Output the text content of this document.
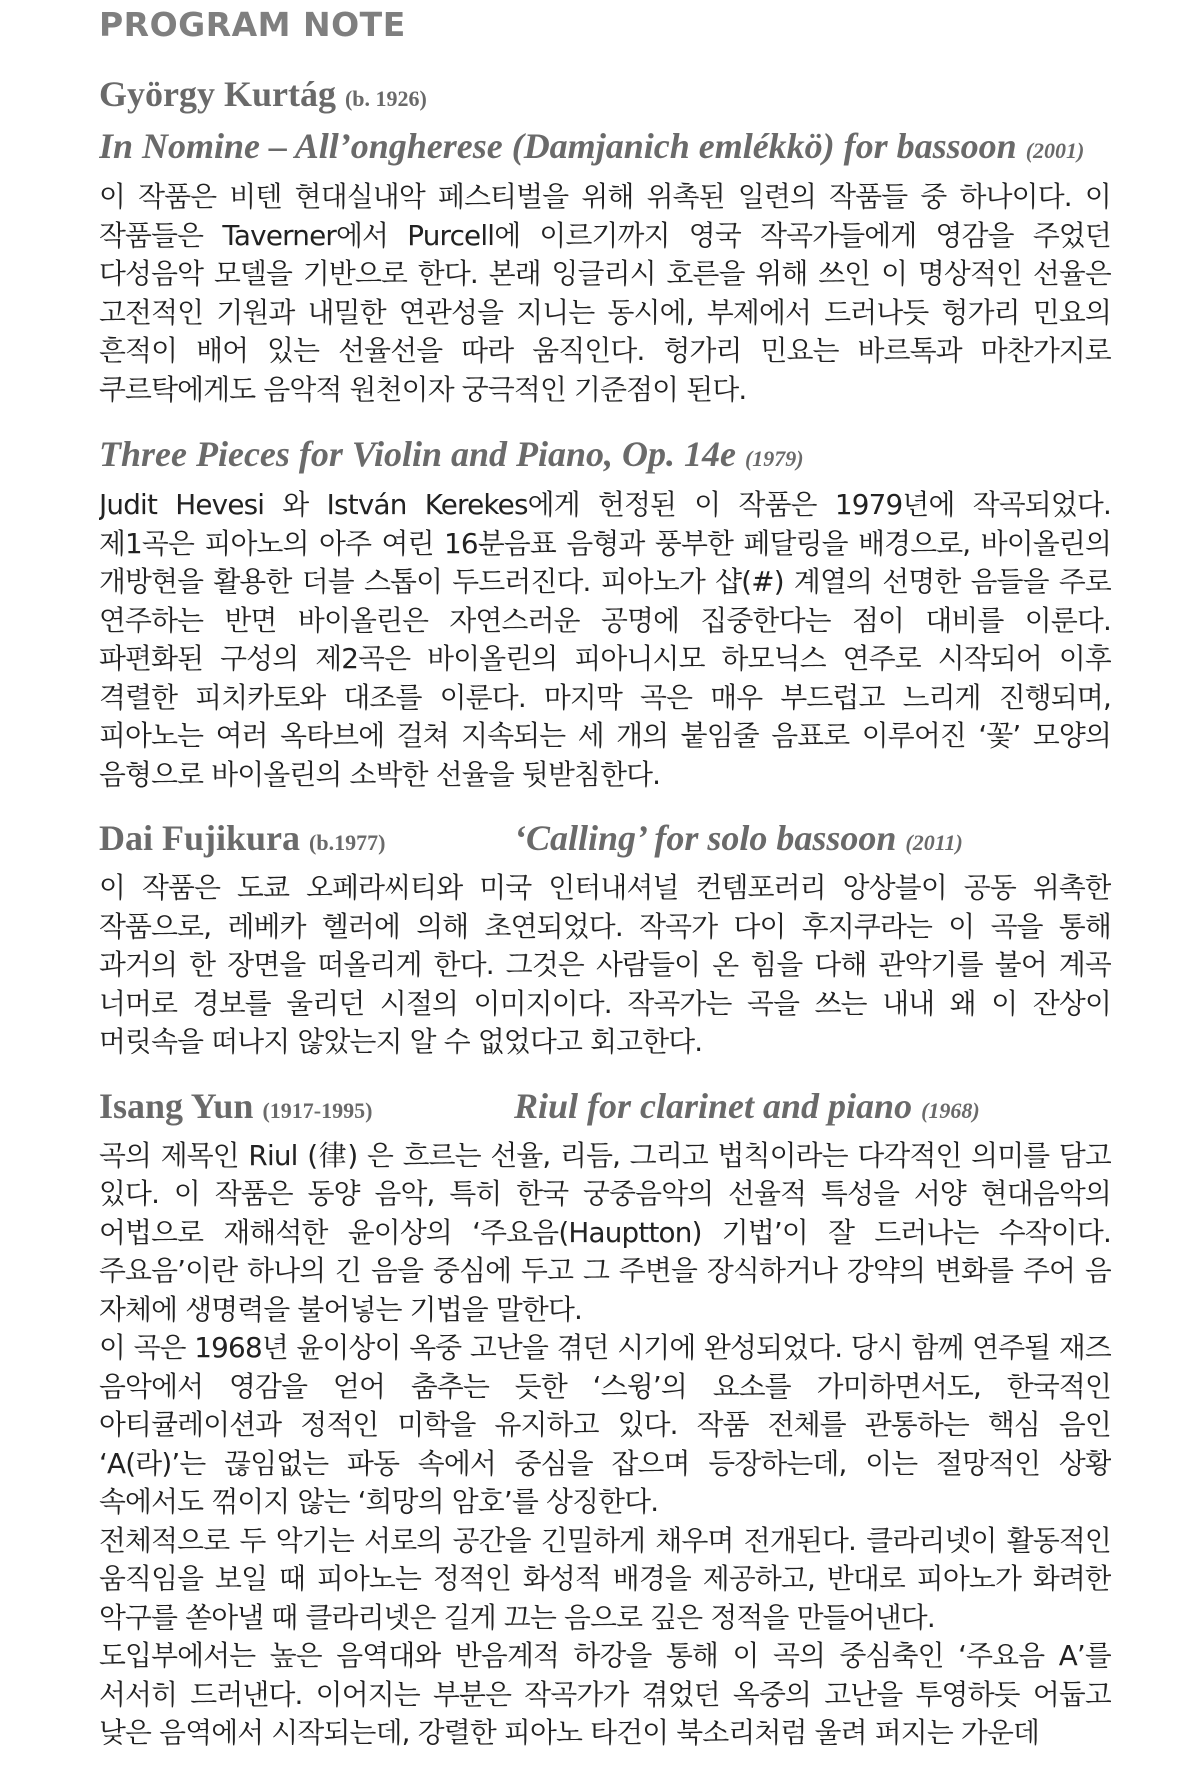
PROGRAM NOTE
György Kurtág (b. 1926)
In Nomine – All’ongherese (Damjanich emlékkö) for bassoon (2001)

이 작품은 비텐 현대실내악 페스티벌을 위해 위촉된 일련의 작품들 중 하나이다. 이 작품들은 Taverner에서 Purcell에 이르기까지 영국 작곡가들에게 영감을 주었던 다성음악 모델을 기반으로 한다. 본래 잉글리시 호른을 위해 쓰인 이 명상적인 선율은 고전적인 기원과 내밀한 연관성을 지니는 동시에, 부제에서 드러나듯 헝가리 민요의 흔적이 배어 있는 선율선을 따라 움직인다. 헝가리 민요는 바르톡과 마찬가지로 쿠르탁에게도 음악적 원천이자 궁극적인 기준점이 된다.

Three Pieces for Violin and Piano, Op. 14e (1979)

Judit Hevesi 와 István Kerekes에게 헌정된 이 작품은 1979년에 작곡되었다. 제1곡은 피아노의 아주 여린 16분음표 음형과 풍부한 페달링을 배경으로, 바이올린의 개방현을 활용한 더블 스톱이 두드러진다. 피아노가 샵(#) 계열의 선명한 음들을 주로 연주하는 반면 바이올린은 자연스러운 공명에 집중한다는 점이 대비를 이룬다. 파편화된 구성의 제2곡은 바이올린의 피아니시모 하모닉스 연주로 시작되어 이후 격렬한 피치카토와 대조를 이룬다. 마지막 곡은 매우 부드럽고 느리게 진행되며, 피아노는 여러 옥타브에 걸쳐 지속되는 세 개의 붙임줄 음표로 이루어진 ‘꽃’ 모양의 음형으로 바이올린의 소박한 선율을 뒷받침한다.

Dai Fujikura (b.1977)	‘Calling’ for solo bassoon (2011)

이 작품은 도쿄 오페라씨티와 미국 인터내셔널 컨템포러리 앙상블이 공동 위촉한 작품으로, 레베카 헬러에 의해 초연되었다. 작곡가 다이 후지쿠라는 이 곡을 통해 과거의 한 장면을 떠올리게 한다. 그것은 사람들이 온 힘을 다해 관악기를 불어 계곡 너머로 경보를 울리던 시절의 이미지이다. 작곡가는 곡을 쓰는 내내 왜 이 잔상이 머릿속을 떠나지 않았는지 알 수 없었다고 회고한다.

Isang Yun (1917-1995)	Riul for clarinet and piano (1968)

곡의 제목인 Riul (律) 은 흐르는 선율, 리듬, 그리고 법칙이라는 다각적인 의미를 담고 있다. 이 작품은 동양 음악, 특히 한국 궁중음악의 선율적 특성을 서양 현대음악의 어법으로 재해석한 윤이상의 ‘주요음(Hauptton) 기법’이 잘 드러나는 수작이다. 주요음’이란 하나의 긴 음을 중심에 두고 그 주변을 장식하거나 강약의 변화를 주어 음 자체에 생명력을 불어넣는 기법을 말한다.

이 곡은 1968년 윤이상이 옥중 고난을 겪던 시기에 완성되었다. 당시 함께 연주될 재즈 음악에서 영감을 얻어 춤추는 듯한 ‘스윙’의 요소를 가미하면서도, 한국적인 아티큘레이션과 정적인 미학을 유지하고 있다. 작품 전체를 관통하는 핵심 음인 ‘A(라)’는 끊임없는 파동 속에서 중심을 잡으며 등장하는데, 이는 절망적인 상황 속에서도 꺾이지 않는 ‘희망의 암호’를 상징한다.

전체적으로 두 악기는 서로의 공간을 긴밀하게 채우며 전개된다. 클라리넷이 활동적인 움직임을 보일 때 피아노는 정적인 화성적 배경을 제공하고, 반대로 피아노가 화려한 악구를 쏟아낼 때 클라리넷은 길게 끄는 음으로 깊은 정적을 만들어낸다.

도입부에서는 높은 음역대와 반음계적 하강을 통해 이 곡의 중심축인 ‘주요음 A’를 서서히 드러낸다. 이어지는 부분은 작곡가가 겪었던 옥중의 고난을 투영하듯 어둡고 낮은 음역에서 시작되는데, 강렬한 피아노 타건이 북소리처럼 울려 퍼지는 가운데
